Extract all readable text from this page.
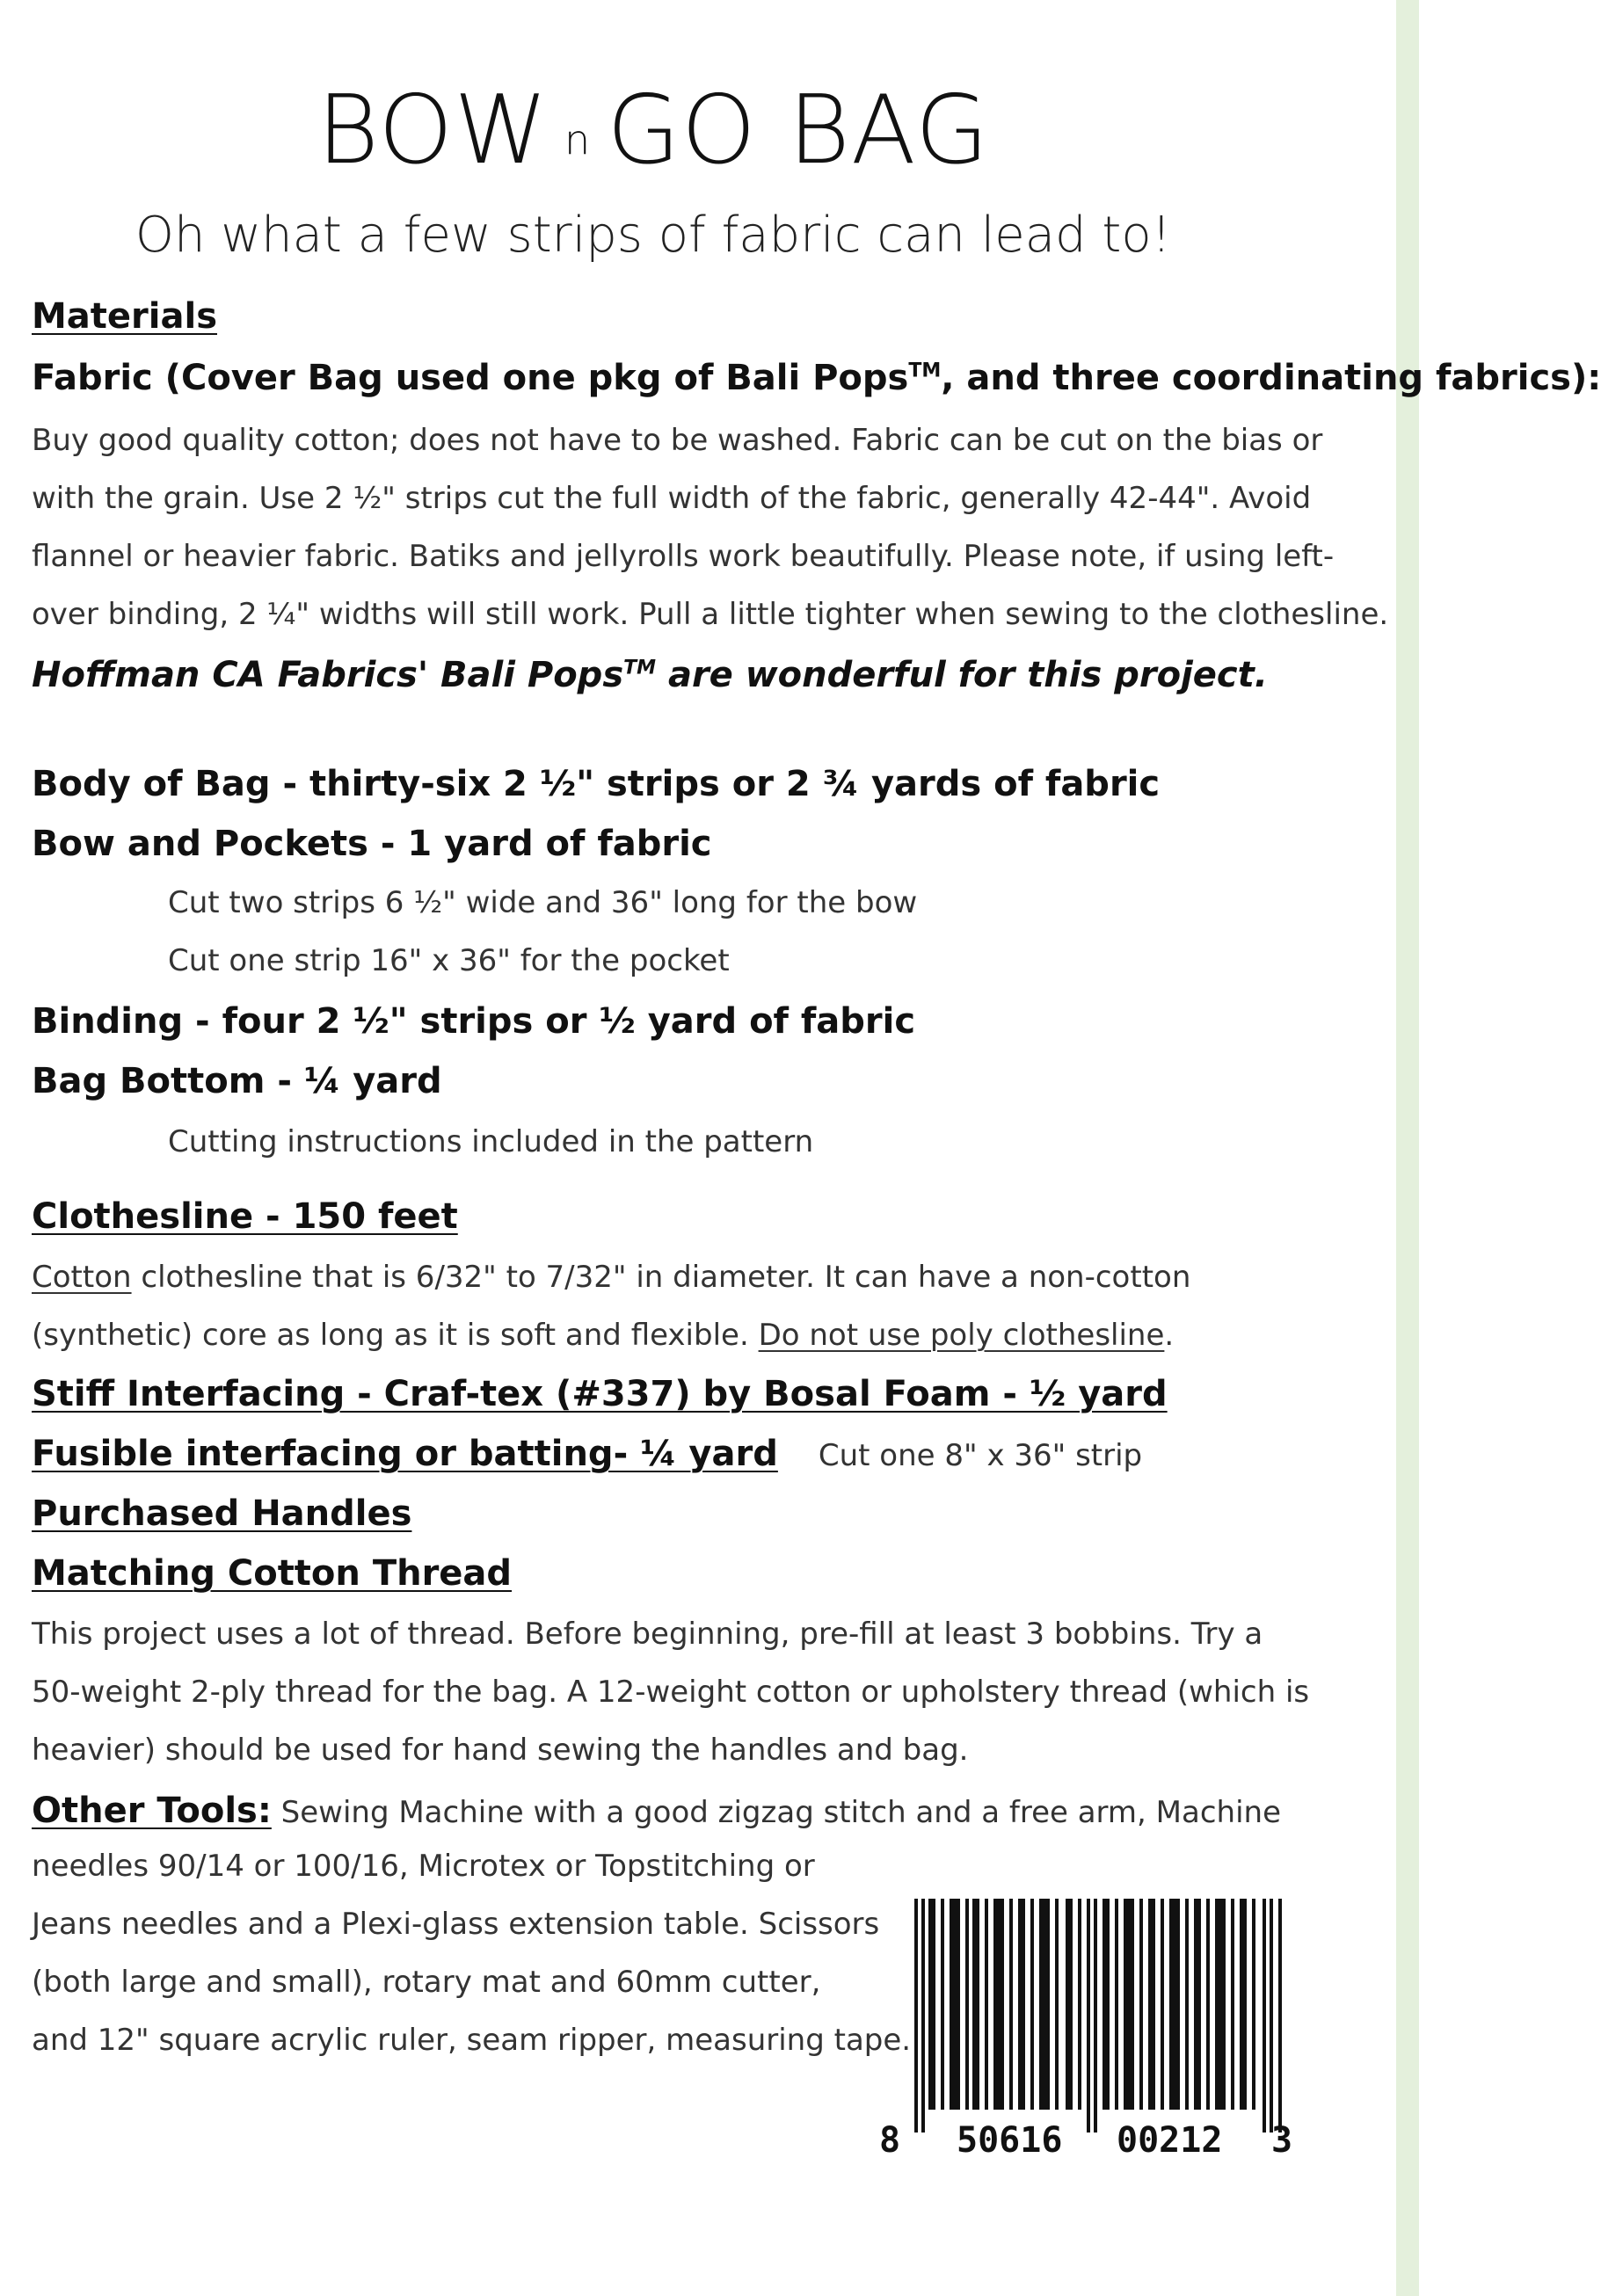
BOW n GO BAG
Oh what a few strips of fabric can lead to!
Materials
Fabric (Cover Bag used one pkg of Bali Pops™, and three coordinating fabrics):
Buy good quality cotton; does not have to be washed. Fabric can be cut on the bias or
with the grain. Use 2 ½" strips cut the full width of the fabric, generally 42-44". Avoid
flannel or heavier fabric. Batiks and jellyrolls work beautifully. Please note, if using left-
over binding, 2 ¼" widths will still work. Pull a little tighter when sewing to the clothesline.
Hoffman CA Fabrics' Bali Pops™ are wonderful for this project.
Body of Bag - thirty-six 2 ½" strips or 2 ¾ yards of fabric
Bow and Pockets - 1 yard of fabric
Cut two strips 6 ½" wide and 36" long for the bow
Cut one strip 16" x 36" for the pocket
Binding - four 2 ½" strips or ½ yard of fabric
Bag Bottom - ¼ yard
Cutting instructions included in the pattern
Clothesline - 150 feet
Cotton clothesline that is 6/32" to 7/32" in diameter. It can have a non-cotton
(synthetic) core as long as it is soft and flexible. Do not use poly clothesline.
Stiff Interfacing - Craf-tex (#337) by Bosal Foam - ½ yard
Fusible interfacing or batting- ¼ yard Cut one 8" x 36" strip
Purchased Handles
Matching Cotton Thread
This project uses a lot of thread. Before beginning, pre-fill at least 3 bobbins. Try a
50-weight 2-ply thread for the bag. A 12-weight cotton or upholstery thread (which is
heavier) should be used for hand sewing the handles and bag.
Other Tools: Sewing Machine with a good zigzag stitch and a free arm, Machine
needles 90/14 or 100/16, Microtex or Topstitching or
Jeans needles and a Plexi-glass extension table. Scissors
(both large and small), rotary mat and 60mm cutter,
and 12" square acrylic ruler, seam ripper, measuring tape.
8 50616 00212 3
